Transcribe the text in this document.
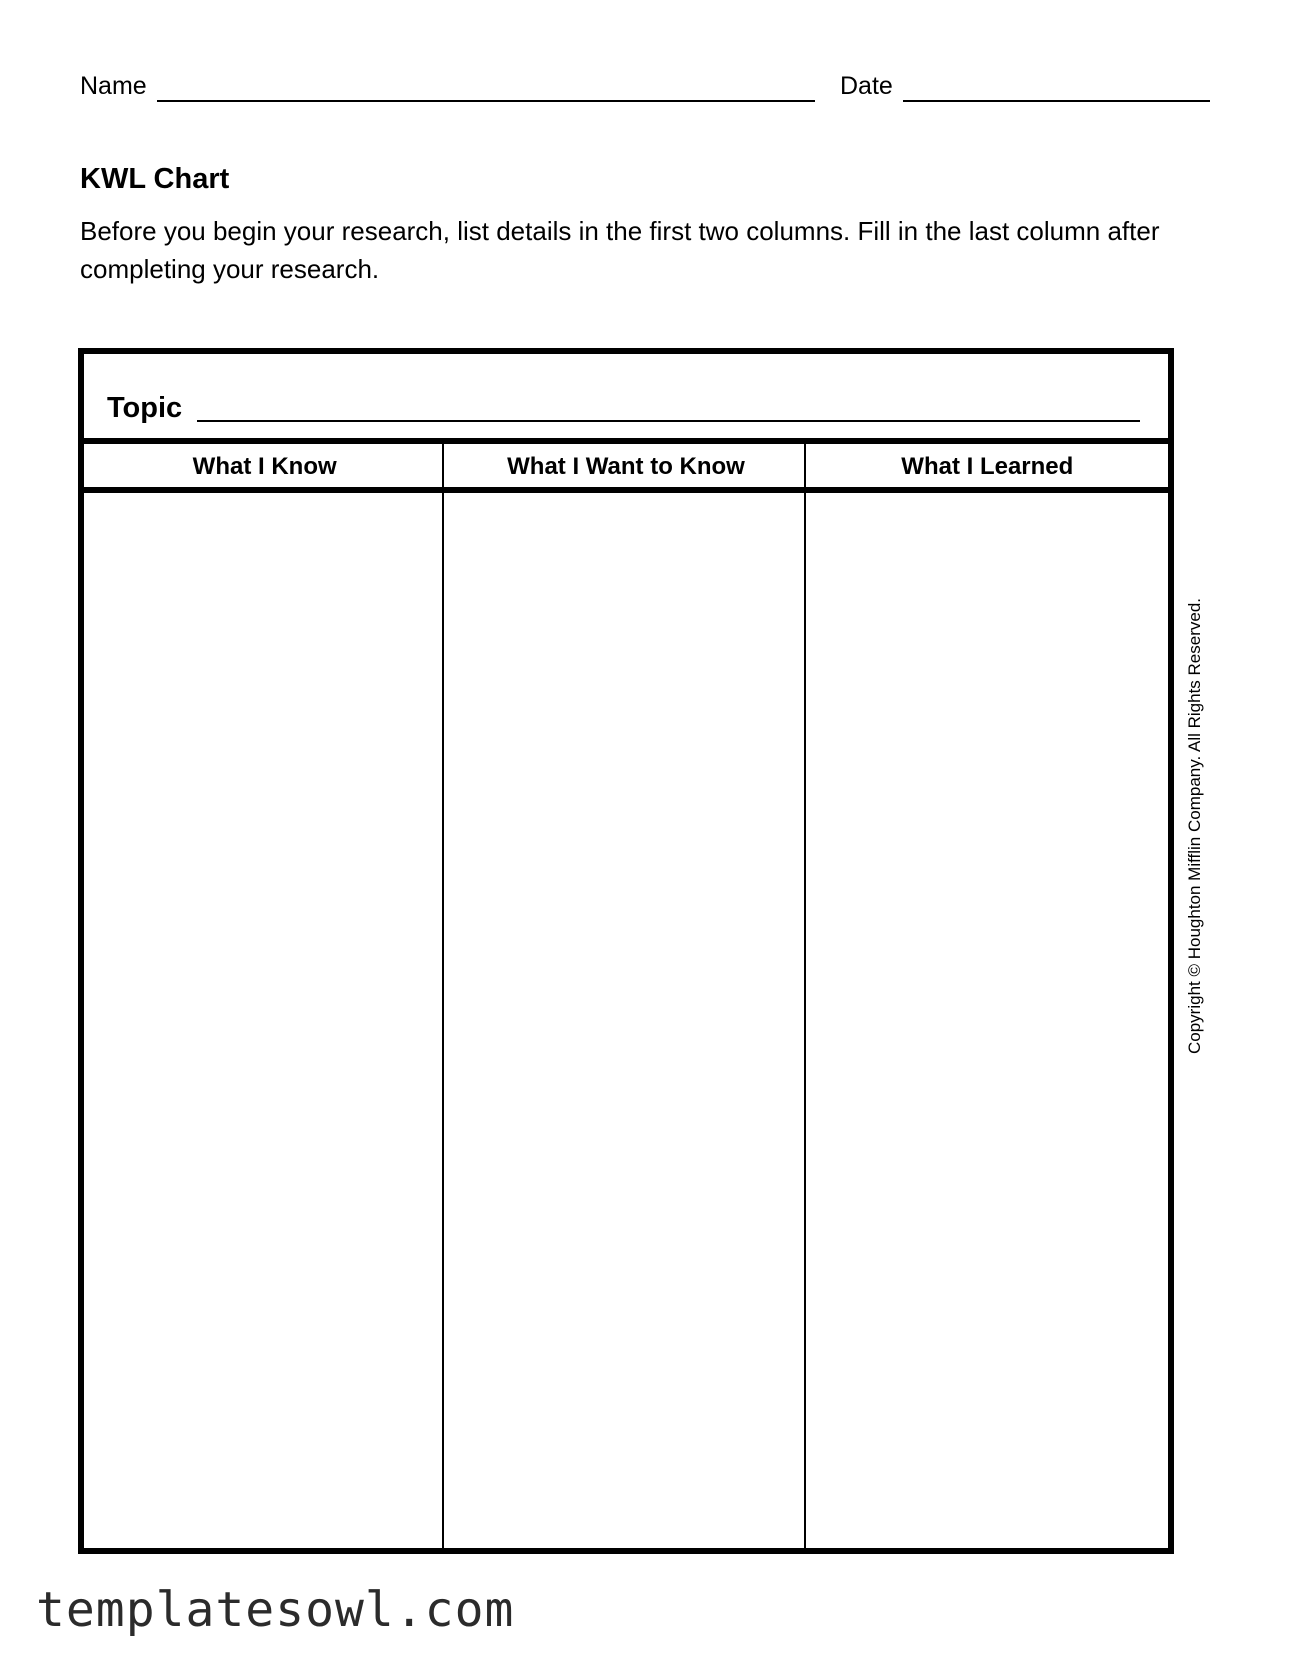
Name	Date
KWL Chart
Before you begin your research, list details in the first two columns. Fill in the last column after completing your research.
Topic
What I Know	What I Want to Know	What I Learned
Copyright © Houghton Mifflin Company. All Rights Reserved.
templatesowl.com
